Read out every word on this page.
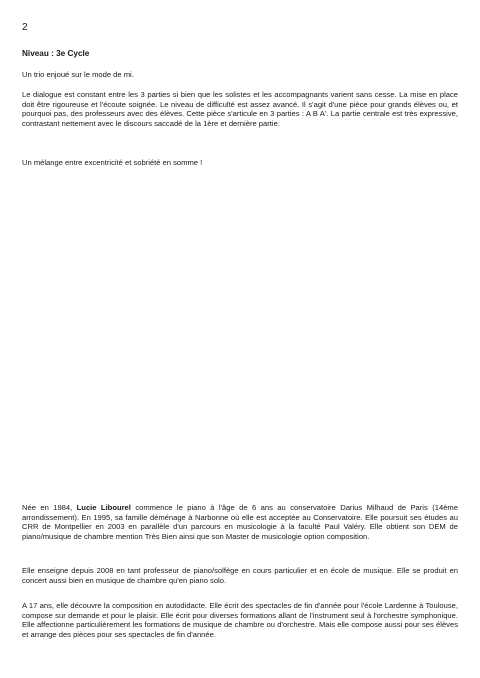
2
Niveau : 3e Cycle

Un trio enjoué sur le mode de mi.

Le dialogue est constant entre les 3 parties si bien que les solistes et les accompagnants varient sans cesse. La mise en place doit être rigoureuse et l'écoute soignée. Le niveau de difficulté est assez avancé. Il s'agit d'une pièce pour grands élèves ou, et pourquoi pas, des professeurs avec des élèves. Cette pièce s'articule en 3 parties : A B A'. La partie centrale est très expressive, contrastant nettement avec le discours saccadé de la 1ère et dernière partie.

Un mélange entre excentricité et sobriété en somme !

Née en 1984, Lucie Libourel commence le piano à l'âge de 6 ans au conservatoire Darius Milhaud de Paris (14ème arrondissement). En 1995, sa famille déménage à Narbonne où elle est acceptée au Conservatoire. Elle poursuit ses études au CRR de Montpellier en 2003 en parallèle d'un parcours en musicologie à la faculté Paul Valéry. Elle obtient son DEM de piano/musique de chambre mention Très Bien ainsi que son Master de musicologie option composition.

Elle enseigne depuis 2008 en tant professeur de piano/solfège en cours particulier et en école de musique. Elle se produit en concert aussi bien en musique de chambre qu'en piano solo.

A 17 ans, elle découvre la composition en autodidacte. Elle écrit des spectacles de fin d'année pour l'école Lardenne à Toulouse, compose sur demande et pour le plaisir. Elle écrit pour diverses formations allant de l'instrument seul à l'orchestre symphonique. Elle affectionne particulièrement les formations de musique de chambre ou d'orchestre. Mais elle compose aussi pour ses élèves et arrange des pièces pour ses spectacles de fin d'année.
